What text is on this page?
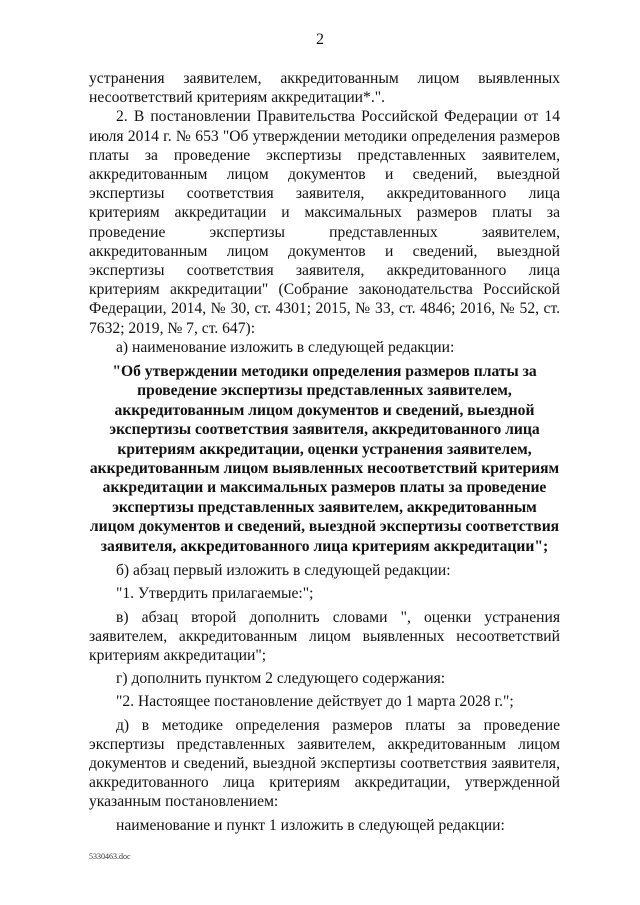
2

устранения заявителем, аккредитованным лицом выявленных

несоответствий критериям аккредитации*.".

2. В постановлении Правительства Российской Федерации от 14 июля 2014 г. № 653 "Об утверждении методики определения размеров платы за проведение экспертизы представленных заявителем, аккредитованным лицом документов и сведений, выездной экспертизы соответствия заявителя, аккредитованного лица критериям аккредитации и максимальных размеров платы за проведение экспертизы представленных заявителем, аккредитованным лицом документов и сведений, выездной экспертизы соответствия заявителя, аккредитованного лица критериям аккредитации" (Собрание законодательства Российской Федерации, 2014, № 30, ст. 4301; 2015, № 33, ст. 4846; 2016, № 52, ст. 7632; 2019, № 7, ст. 647):

а) наименование изложить в следующей редакции:

"Об утверждении методики определения размеров платы за проведение экспертизы представленных заявителем, аккредитованным лицом документов и сведений, выездной экспертизы соответствия заявителя, аккредитованного лица критериям аккредитации, оценки устранения заявителем, аккредитованным лицом выявленных несоответствий критериям аккредитации и максимальных размеров платы за проведение экспертизы представленных заявителем, аккредитованным лицом документов и сведений, выездной экспертизы соответствия заявителя, аккредитованного лица критериям аккредитации";

б) абзац первый изложить в следующей редакции:

"1. Утвердить прилагаемые:";

в) абзац второй дополнить словами ", оценки устранения заявителем, аккредитованным лицом выявленных несоответствий критериям аккредитации";

г) дополнить пунктом 2 следующего содержания:

"2. Настоящее постановление действует до 1 марта 2028 г.";

д) в методике определения размеров платы за проведение экспертизы представленных заявителем, аккредитованным лицом документов и сведений, выездной экспертизы соответствия заявителя, аккредитованного лица критериям аккредитации, утвержденной указанным постановлением:

наименование и пункт 1 изложить в следующей редакции:

5330463.doc
